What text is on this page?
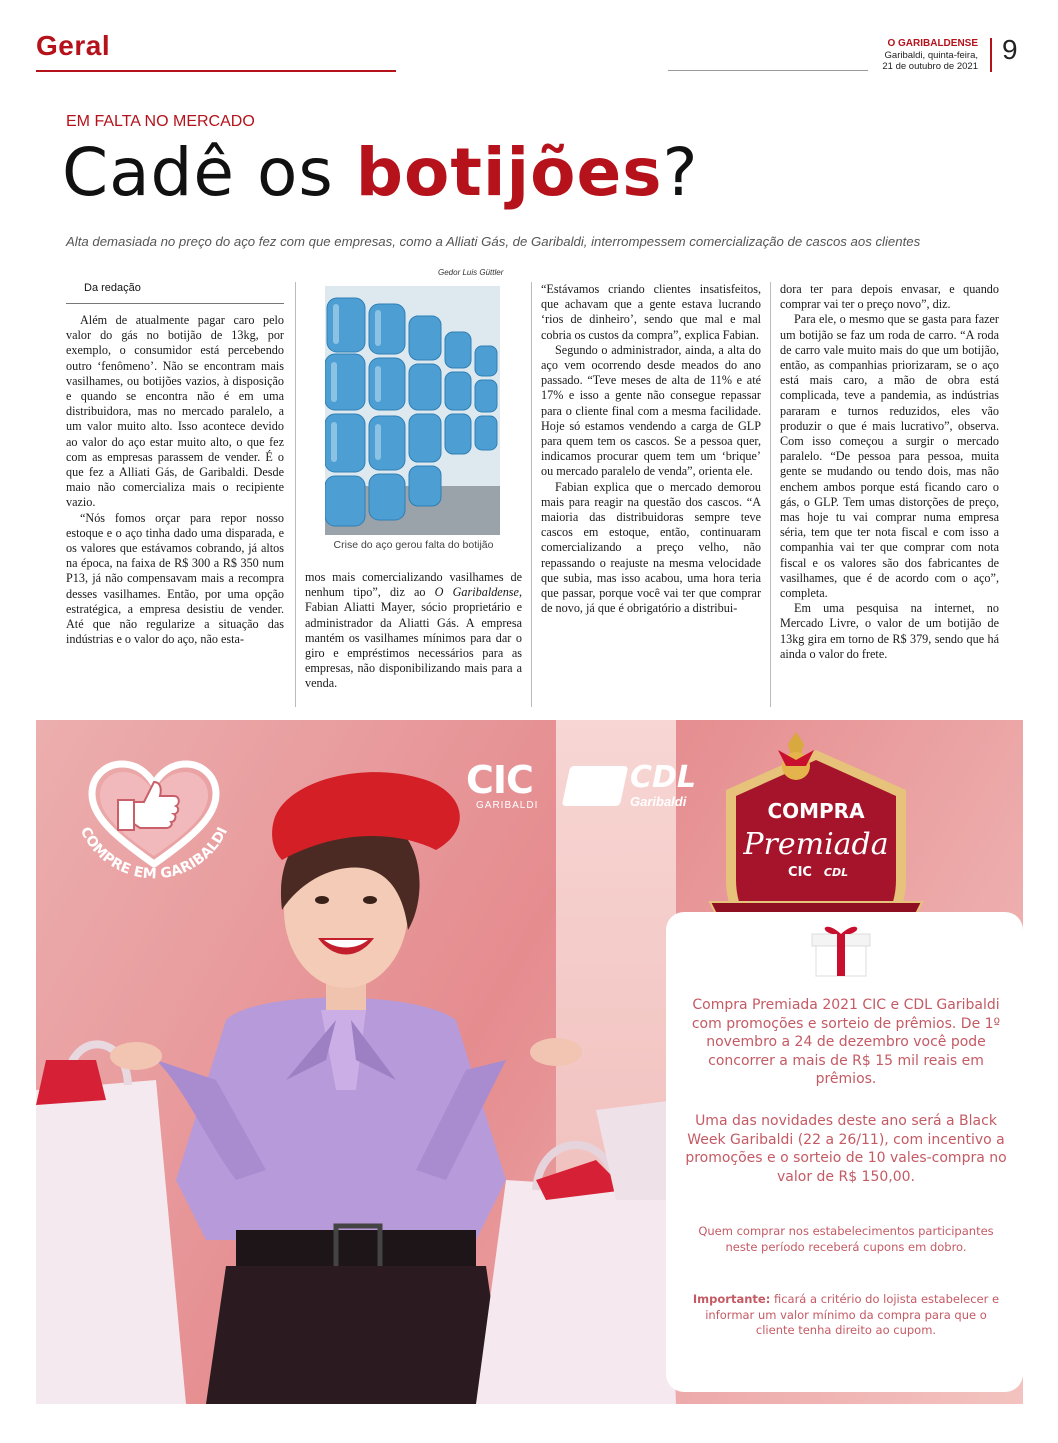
Geral	O GARIBALDENSE
Garibaldi, quinta-feira,
21 de outubro de 2021
9
EM FALTA NO MERCADO
Cadê os botijões?
Alta demasiada no preço do aço fez com que empresas, como a Alliati Gás, de Garibaldi, interrompessem comercialização de cascos aos clientes
Da redação

Além de atualmente pagar caro pelo valor do gás no botijão de 13kg, por exemplo, o consumidor está percebendo outro ‘fenômeno’. Não se encontram mais vasilhames, ou botijões vazios, à disposição e quando se encontra não é em uma distribuidora, mas no mercado paralelo, a um valor muito alto. Isso acontece devido ao valor do aço estar muito alto, o que fez com as empresas parassem de vender. É o que fez a Alliati Gás, de Garibaldi. Desde maio não comercializa mais o recipiente vazio.

“Nós fomos orçar para repor nosso estoque e o aço tinha dado uma disparada, e os valores que estávamos cobrando, já altos na época, na faixa de R$ 300 a R$ 350 num P13, já não compensavam mais a recompra desses vasilhames. Então, por uma opção estratégica, a empresa desistiu de vender. Até que não regularize a situação das indústrias e o valor do aço, não esta-

Gedor Luis Güttler
Crise do aço gerou falta do botijão
mos mais comercializando vasilhames de nenhum tipo”, diz ao O Garibaldense, Fabian Aliatti Mayer, sócio proprietário e administrador da Aliatti Gás. A empresa mantém os vasilhames mínimos para dar o giro e empréstimos necessários para as empresas, não disponibilizando mais para a venda.

“Estávamos criando clientes insatisfeitos, que achavam que a gente estava lucrando ‘rios de dinheiro’, sendo que mal e mal cobria os custos da compra”, explica Fabian.

Segundo o administrador, ainda, a alta do aço vem ocorrendo desde meados do ano passado. “Teve meses de alta de 11% e até 17% e isso a gente não consegue repassar para o cliente final com a mesma facilidade. Hoje só estamos vendendo a carga de GLP para quem tem os cascos. Se a pessoa quer, indicamos procurar quem tem um ‘brique’ ou mercado paralelo de venda”, orienta ele.

Fabian explica que o mercado demorou mais para reagir na questão dos cascos. “A maioria das distribuidoras sempre teve cascos em estoque, então, continuaram comercializando a preço velho, não repassando o reajuste na mesma velocidade que subia, mas isso acabou, uma hora teria que passar, porque você vai ter que comprar de novo, já que é obrigatório a distribui-

dora ter para depois envasar, e quando comprar vai ter o preço novo”, diz.

Para ele, o mesmo que se gasta para fazer um botijão se faz um roda de carro. “A roda de carro vale muito mais do que um botijão, então, as companhias priorizaram, se o aço está mais caro, a mão de obra está complicada, teve a pandemia, as indústrias pararam e turnos reduzidos, eles vão produzir o que é mais lucrativo”, observa. Com isso começou a surgir o mercado paralelo. “De pessoa para pessoa, muita gente se mudando ou tendo dois, mas não enchem ambos porque está ficando caro o gás, o GLP. Tem umas distorções de preço, mas hoje tu vai comprar numa empresa séria, tem que ter nota fiscal e com isso a companhia vai ter que comprar com nota fiscal e os valores são dos fabricantes de vasilhames, que é de acordo com o aço”, completa.

Em uma pesquisa na internet, no Mercado Livre, o valor de um botijão de 13kg gira em torno de R$ 379, sendo que há ainda o valor do frete.

COMPRE EM GARIBALDI
CIC
GARIBALDI
CDL
Garibaldi	COMPRA
Premiada
CIC CDL
Compra Premiada 2021 CIC e CDL Garibaldi com promoções e sorteio de prêmios. De 1º novembro a 24 de dezembro você pode concorrer a mais de R$ 15 mil reais em prêmios.
Uma das novidades deste ano será a Black Week Garibaldi (22 a 26/11), com incentivo a promoções e o sorteio de 10 vales-compra no valor de R$ 150,00.
Quem comprar nos estabelecimentos participantes neste período receberá cupons em dobro.
Importante: ficará a critério do lojista estabelecer e informar um valor mínimo da compra para que o cliente tenha direito ao cupom.
